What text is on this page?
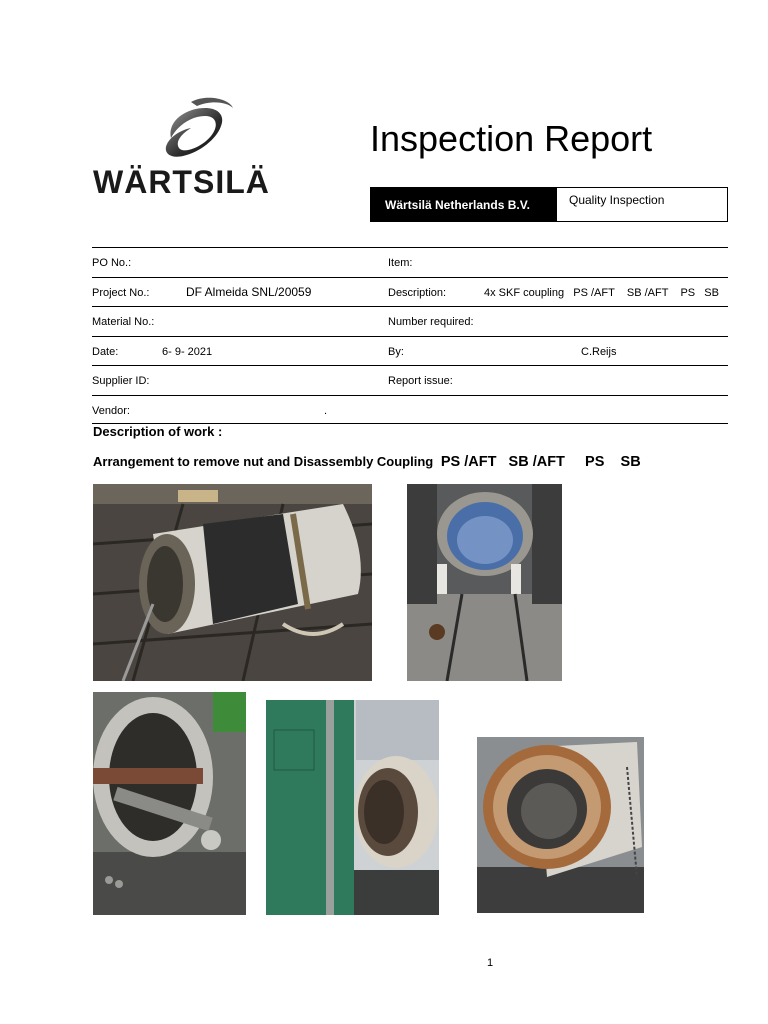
WÄRTSILÄ
Inspection Report
Wärtsilä Netherlands B.V.	Quality Inspection
PO No.:	Item:
Project No.:	DF Almeida SNL/20059	Description:	4x SKF coupling   PS /AFT    SB /AFT    PS   SB
Material No.:	Number required:
Date:	6- 9- 2021	By:	C.Reijs
Supplier ID:	Report issue:
Vendor:	.
Description of work :
Arrangement to remove nut and Disassembly Coupling PS /AFT   SB /AFT     PS    SB
1
